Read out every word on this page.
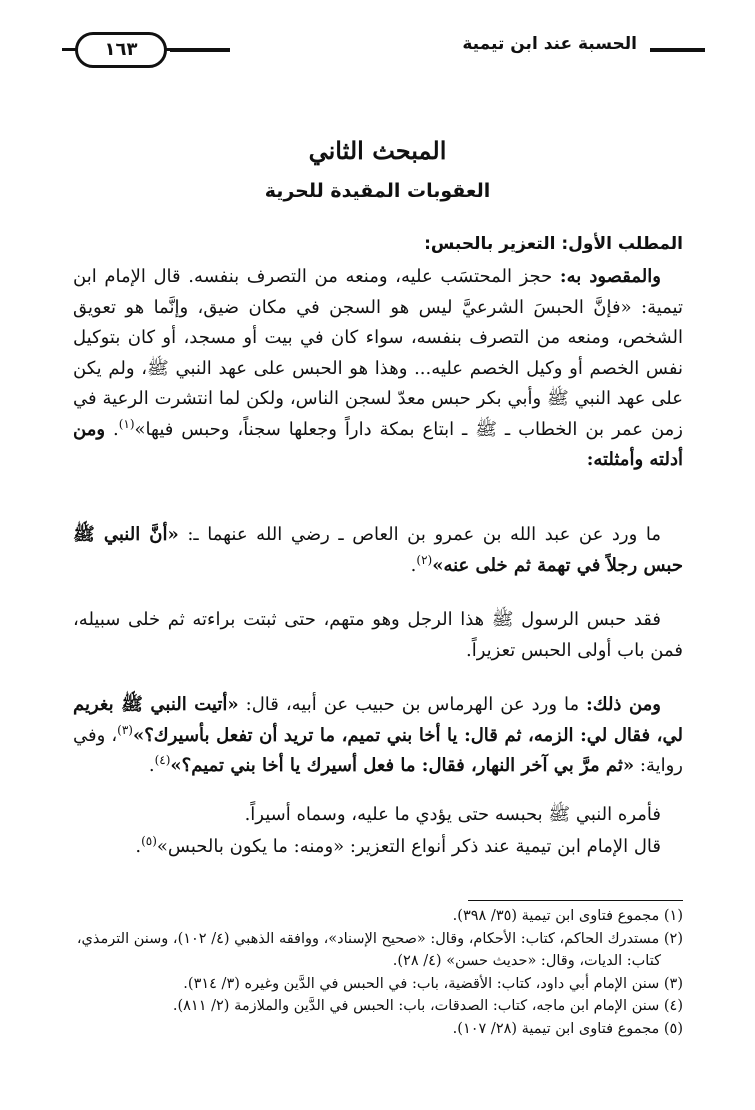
الحسبة عند ابن تيمية
١٦٣
المبحث الثاني
العقوبات المقيدة للحرية
المطلب الأول: التعزير بالحبس:
والمقصود به: حجز المحتسَب عليه، ومنعه من التصرف بنفسه. قال الإمام ابن تيمية: «فإنَّ الحبسَ الشرعيَّ ليس هو السجن في مكان ضيق، وإنَّما هو تعويق الشخص، ومنعه من التصرف بنفسه، سواء كان في بيت أو مسجد، أو كان بتوكيل نفس الخصم أو وكيل الخصم عليه... وهذا هو الحبس على عهد النبي ﷺ، ولم يكن على عهد النبي ﷺ وأبي بكر حبس معدّ لسجن الناس، ولكن لما انتشرت الرعية في زمن عمر بن الخطاب ـ ﷺ ـ ابتاع بمكة داراً وجعلها سجناً، وحبس فيها»$^{(١)}$. ومن أدلته وأمثلته:
ما ورد عن عبد الله بن عمرو بن العاص ـ رضي الله عنهما ـ: «أنَّ النبي ﷺ حبس رجلاً في تهمة ثم خلى عنه»$^{(٢)}$.
فقد حبس الرسول ﷺ هذا الرجل وهو متهم، حتى ثبتت براءته ثم خلى سبيله، فمن باب أولى الحبس تعزيراً.
ومن ذلك: ما ورد عن الهرماس بن حبيب عن أبيه، قال: «أتيت النبي ﷺ بغريم لي، فقال لي: الزمه، ثم قال: يا أخا بني تميم، ما تريد أن تفعل بأسيرك؟»$^{(٣)}$، وفي رواية: «ثم مرَّ بي آخر النهار، فقال: ما فعل أسيرك يا أخا بني تميم؟»$^{(٤)}$.
فأمره النبي ﷺ بحبسه حتى يؤدي ما عليه، وسماه أسيراً.
قال الإمام ابن تيمية عند ذكر أنواع التعزير: «ومنه: ما يكون بالحبس»$^{(٥)}$.

(١) مجموع فتاوى ابن تيمية (٣٥/ ٣٩٨).

(٢) مستدرك الحاكم، كتاب: الأحكام، وقال: «صحيح الإسناد»، ووافقه الذهبي (٤/ ١٠٢)، وسنن الترمذي، كتاب: الديات، وقال: «حديث حسن» (٤/ ٢٨).

(٣) سنن الإمام أبي داود، كتاب: الأقضية، باب: في الحبس في الدَّين وغيره (٣/ ٣١٤).

(٤) سنن الإمام ابن ماجه، كتاب: الصدقات، باب: الحبس في الدَّين والملازمة (٢/ ٨١١).

(٥) مجموع فتاوى ابن تيمية (٢٨/ ١٠٧).
